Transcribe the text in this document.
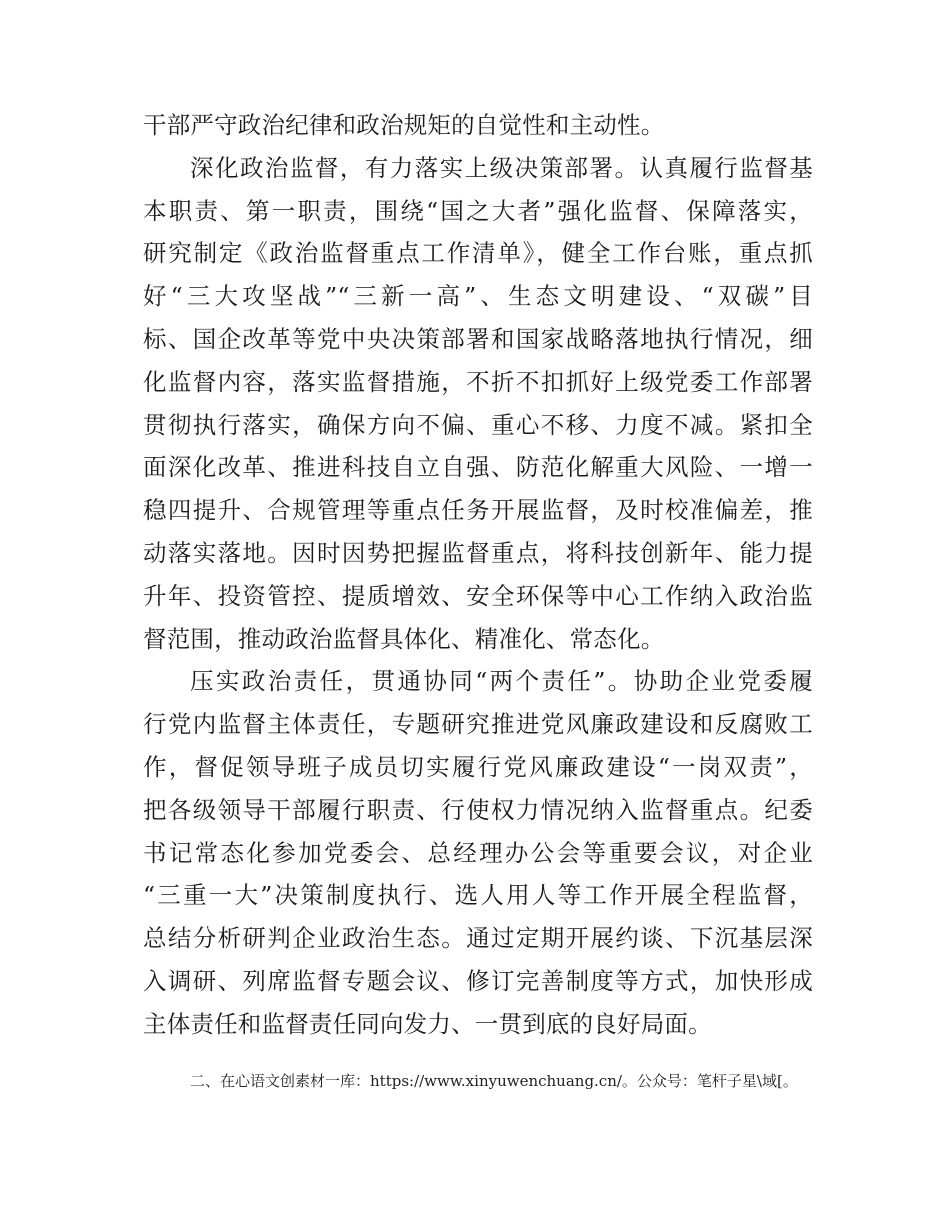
干部严守政治纪律和政治规矩的自觉性和主动性。
深化政治监督，有力落实上级决策部署。认真履行监督基
本职责、第一职责，围绕“国之大者”强化监督、保障落实，
研究制定《政治监督重点工作清单》，健全工作台账，重点抓
好“三大攻坚战”“三新一高”、生态文明建设、“双碳”目
标、国企改革等党中央决策部署和国家战略落地执行情况，细
化监督内容，落实监督措施，不折不扣抓好上级党委工作部署
贯彻执行落实，确保方向不偏、重心不移、力度不减。紧扣全
面深化改革、推进科技自立自强、防范化解重大风险、一增一
稳四提升、合规管理等重点任务开展监督，及时校准偏差，推
动落实落地。因时因势把握监督重点，将科技创新年、能力提
升年、投资管控、提质增效、安全环保等中心工作纳入政治监
督范围，推动政治监督具体化、精准化、常态化。
压实政治责任，贯通协同“两个责任”。协助企业党委履
行党内监督主体责任，专题研究推进党风廉政建设和反腐败工
作，督促领导班子成员切实履行党风廉政建设“一岗双责”，
把各级领导干部履行职责、行使权力情况纳入监督重点。纪委
书记常态化参加党委会、总经理办公会等重要会议，对企业
“三重一大”决策制度执行、选人用人等工作开展全程监督，
总结分析研判企业政治生态。通过定期开展约谈、下沉基层深
入调研、列席监督专题会议、修订完善制度等方式，加快形成
主体责任和监督责任同向发力、一贯到底的良好局面。
二、在心语文创素材一库：https://www.xinyuwenchuang.cn/。公众号：笔杆子星\域[。
